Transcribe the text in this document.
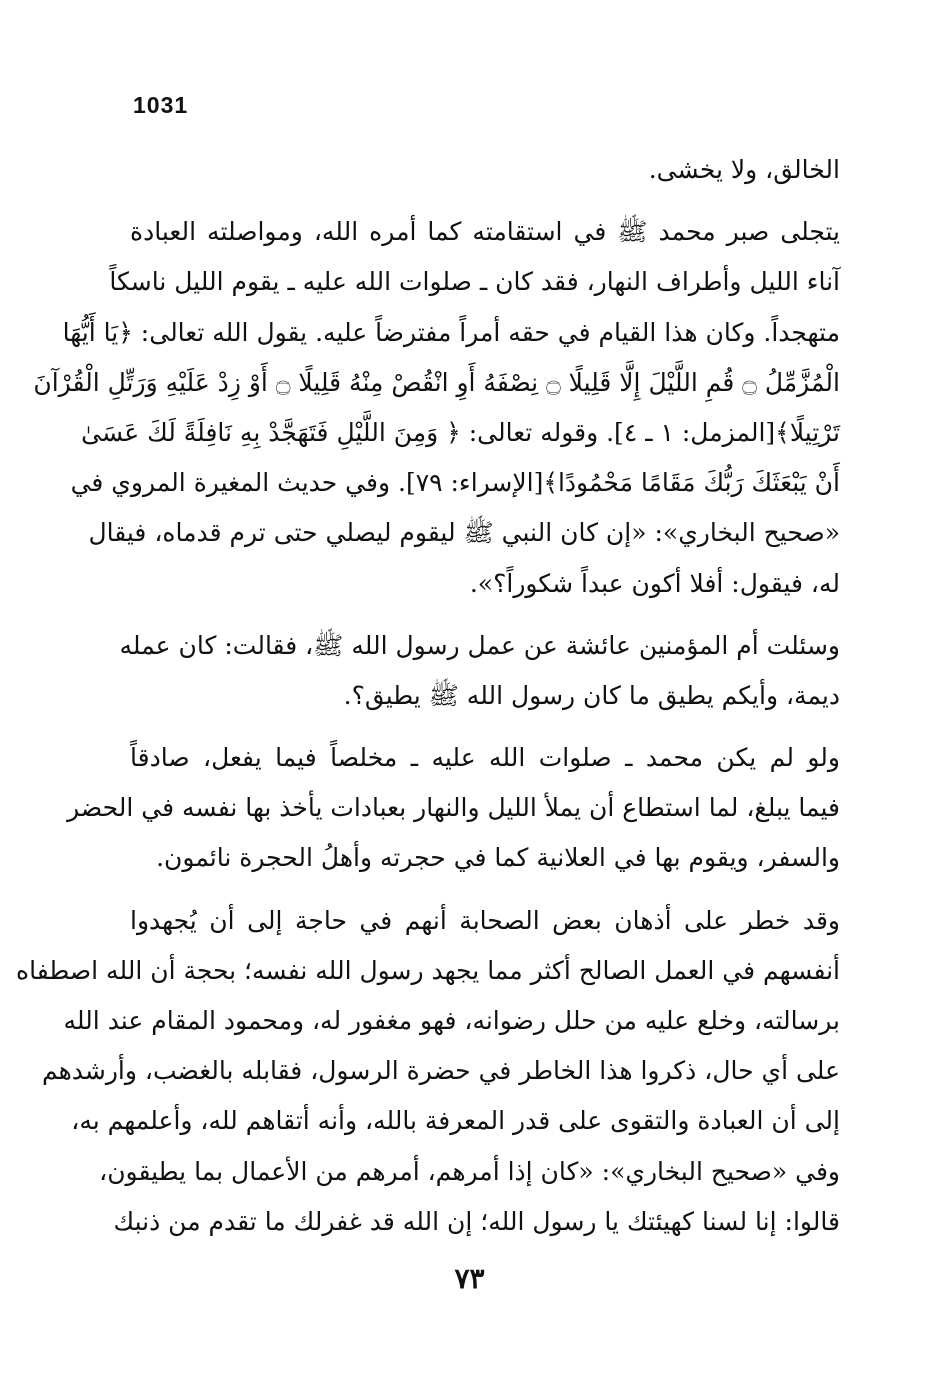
1031
الخالق، ولا يخشى.
يتجلى صبر محمد ﷺ في استقامته كما أمره الله، ومواصلته العبادة
آناء الليل وأطراف النهار، فقد كان ـ صلوات الله عليه ـ يقوم الليل ناسكاً
متهجداً. وكان هذا القيام في حقه أمراً مفترضاً عليه. يقول الله تعالى: ﴿يَا أَيُّهَا
الْمُزَّمِّلُ ۝ قُمِ اللَّيْلَ إِلَّا قَلِيلًا ۝ نِصْفَهُ أَوِ انْقُصْ مِنْهُ قَلِيلًا ۝ أَوْ زِدْ عَلَيْهِ وَرَتِّلِ الْقُرْآنَ
تَرْتِيلًا﴾[المزمل: ١ ـ ٤]. وقوله تعالى: ﴿ وَمِنَ اللَّيْلِ فَتَهَجَّدْ بِهِ نَافِلَةً لَكَ عَسَىٰ
أَنْ يَبْعَثَكَ رَبُّكَ مَقَامًا مَحْمُودًا﴾[الإسراء: ٧٩]. وفي حديث المغيرة المروي في
«صحيح البخاري»: «إن كان النبي ﷺ ليقوم ليصلي حتى ترم قدماه، فيقال
له، فيقول: أفلا أكون عبداً شكوراً؟».
وسئلت أم المؤمنين عائشة عن عمل رسول الله ﷺ، فقالت: كان عمله
ديمة، وأيكم يطيق ما كان رسول الله ﷺ يطيق؟.
ولو لم يكن محمد ـ صلوات الله عليه ـ مخلصاً فيما يفعل، صادقاً
فيما يبلغ، لما استطاع أن يملأ الليل والنهار بعبادات يأخذ بها نفسه في الحضر
والسفر، ويقوم بها في العلانية كما في حجرته وأهلُ الحجرة نائمون.
وقد خطر على أذهان بعض الصحابة أنهم في حاجة إلى أن يُجهدوا
أنفسهم في العمل الصالح أكثر مما يجهد رسول الله نفسه؛ بحجة أن الله اصطفاه
برسالته، وخلع عليه من حلل رضوانه، فهو مغفور له، ومحمود المقام عند الله
على أي حال، ذكروا هذا الخاطر في حضرة الرسول، فقابله بالغضب، وأرشدهم
إلى أن العبادة والتقوى على قدر المعرفة بالله، وأنه أتقاهم لله، وأعلمهم به،
وفي «صحيح البخاري»: «كان إذا أمرهم، أمرهم من الأعمال بما يطيقون،
قالوا: إنا لسنا كهيئتك يا رسول الله؛ إن الله قد غفرلك ما تقدم من ذنبك
٧٣
